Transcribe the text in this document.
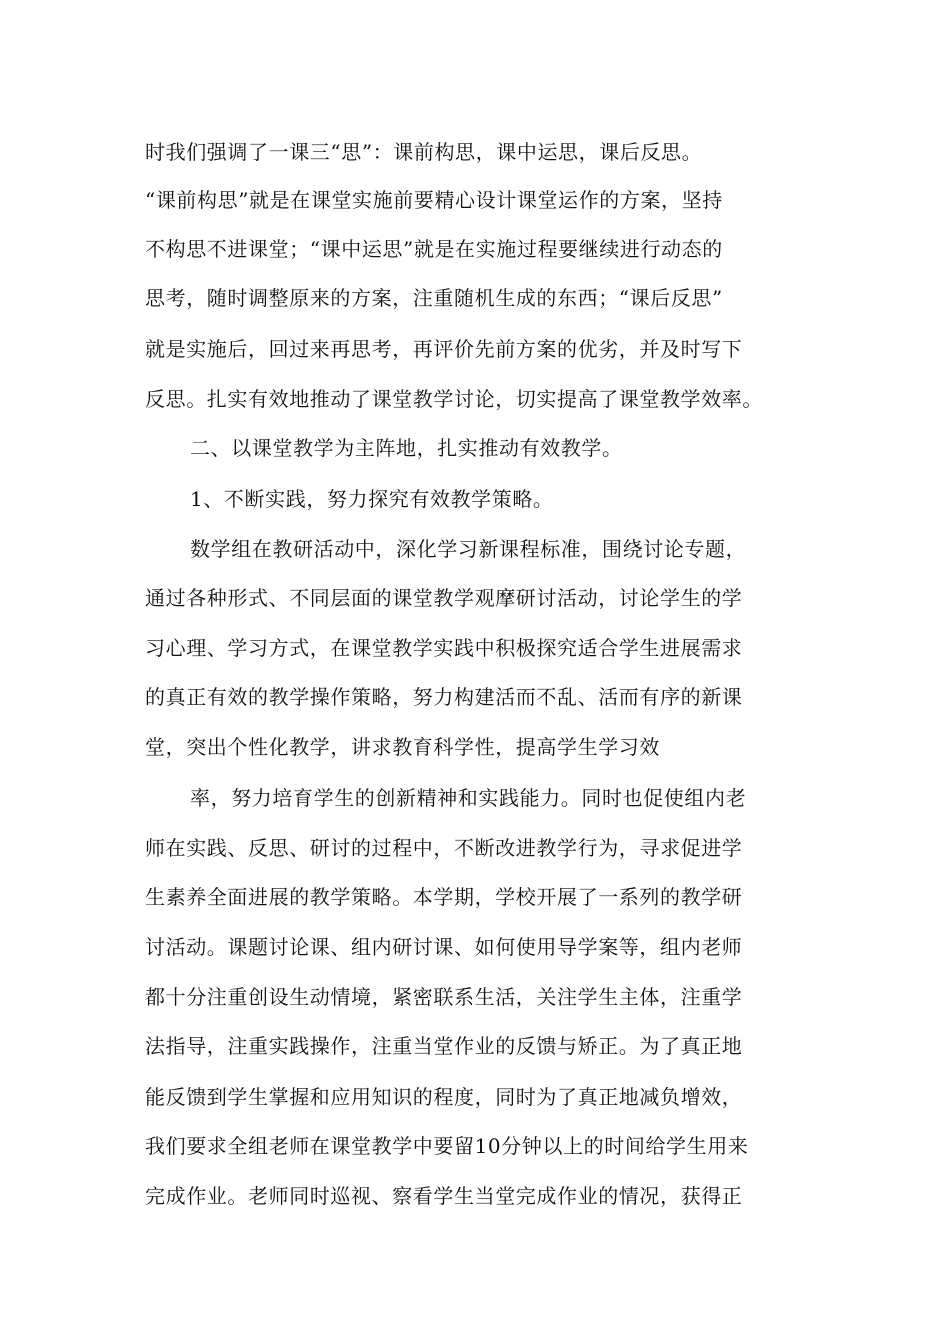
时我们强调了一课三“思”：课前构思，课中运思，课后反思。
“课前构思”就是在课堂实施前要精心设计课堂运作的方案，坚持
不构思不进课堂；“课中运思”就是在实施过程要继续进行动态的
思考，随时调整原来的方案，注重随机生成的东西；“课后反思”
就是实施后，回过来再思考，再评价先前方案的优劣，并及时写下
反思。扎实有效地推动了课堂教学讨论，切实提高了课堂教学效率。
二、以课堂教学为主阵地，扎实推动有效教学。
1、不断实践，努力探究有效教学策略。
数学组在教研活动中，深化学习新课程标准，围绕讨论专题，
通过各种形式、不同层面的课堂教学观摩研讨活动，讨论学生的学
习心理、学习方式，在课堂教学实践中积极探究适合学生进展需求
的真正有效的教学操作策略，努力构建活而不乱、活而有序的新课
堂，突出个性化教学，讲求教育科学性，提高学生学习效
率，努力培育学生的创新精神和实践能力。同时也促使组内老
师在实践、反思、研讨的过程中，不断改进教学行为，寻求促进学
生素养全面进展的教学策略。本学期，学校开展了一系列的教学研
讨活动。课题讨论课、组内研讨课、如何使用导学案等，组内老师
都十分注重创设生动情境，紧密联系生活，关注学生主体，注重学
法指导，注重实践操作，注重当堂作业的反馈与矫正。为了真正地
能反馈到学生掌握和应用知识的程度，同时为了真正地减负增效，
我们要求全组老师在课堂教学中要留10分钟以上的时间给学生用来
完成作业。老师同时巡视、察看学生当堂完成作业的情况，获得正
